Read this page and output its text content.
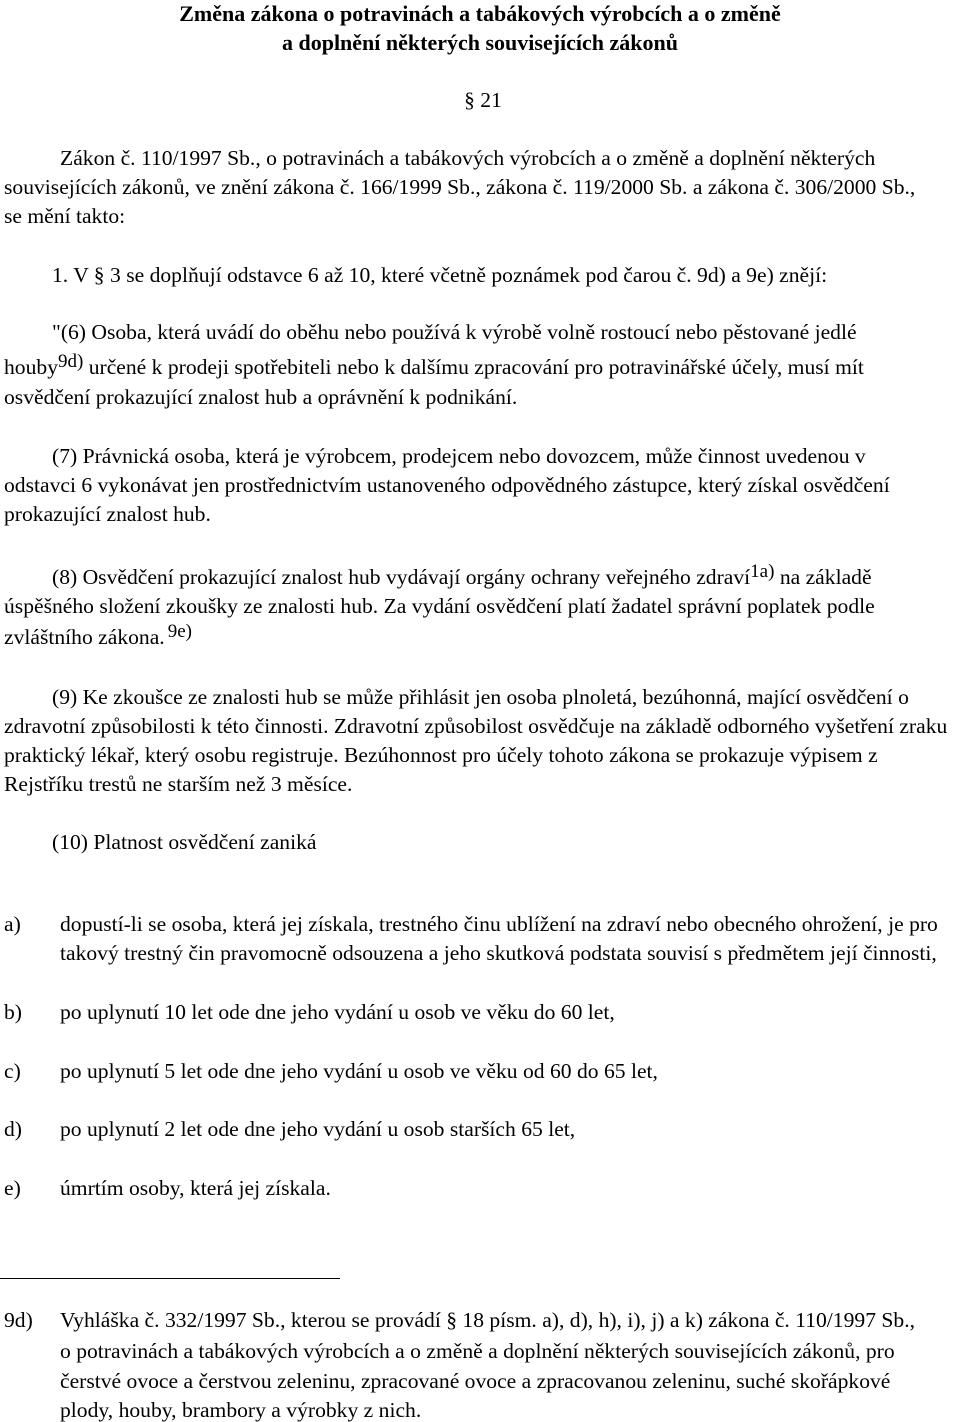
Změna zákona o potravinách a tabákových výrobcích a o změně
a doplnění některých souvisejících zákonů
§ 21
Zákon č. 110/1997 Sb., o potravinách a tabákových výrobcích a o změně a doplnění některých
souvisejících zákonů, ve znění zákona č. 166/1999 Sb., zákona č. 119/2000 Sb. a zákona č. 306/2000 Sb.,
se mění takto:
1. V § 3 se doplňují odstavce 6 až 10, které včetně poznámek pod čarou č. 9d) a 9e) znějí:
"(6) Osoba, která uvádí do oběhu nebo používá k výrobě volně rostoucí nebo pěstované jedlé
houby9d) určené k prodeji spotřebiteli nebo k dalšímu zpracování pro potravinářské účely, musí mít
osvědčení prokazující znalost hub a oprávnění k podnikání.
(7) Právnická osoba, která je výrobcem, prodejcem nebo dovozcem, může činnost uvedenou v
odstavci 6 vykonávat jen prostřednictvím ustanoveného odpovědného zástupce, který získal osvědčení
prokazující znalost hub.
(8) Osvědčení prokazující znalost hub vydávají orgány ochrany veřejného zdraví1a) na základě
úspěšného složení zkoušky ze znalosti hub. Za vydání osvědčení platí žadatel správní poplatek podle
zvláštního zákona. 9e)
(9) Ke zkoušce ze znalosti hub se může přihlásit jen osoba plnoletá, bezúhonná, mající osvědčení o
zdravotní způsobilosti k této činnosti. Zdravotní způsobilost osvědčuje na základě odborného vyšetření zraku
praktický lékař, který osobu registruje. Bezúhonnost pro účely tohoto zákona se prokazuje výpisem z
Rejstříku trestů ne starším než 3 měsíce.
(10) Platnost osvědčení zaniká
a) dopustí-li se osoba, která jej získala, trestného činu ublížení na zdraví nebo obecného ohrožení, je pro
takový trestný čin pravomocně odsouzena a jeho skutková podstata souvisí s předmětem její činnosti,
b) po uplynutí 10 let ode dne jeho vydání u osob ve věku do 60 let,
c) po uplynutí 5 let ode dne jeho vydání u osob ve věku od 60 do 65 let,
d) po uplynutí 2 let ode dne jeho vydání u osob starších 65 let,
e) úmrtím osoby, která jej získala.
9d) Vyhláška č. 332/1997 Sb., kterou se provádí § 18 písm. a), d), h), i), j) a k) zákona č. 110/1997 Sb.,
o potravinách a tabákových výrobcích a o změně a doplnění některých souvisejících zákonů, pro
čerstvé ovoce a čerstvou zeleninu, zpracované ovoce a zpracovanou zeleninu, suché skořápkové
plody, houby, brambory a výrobky z nich.
